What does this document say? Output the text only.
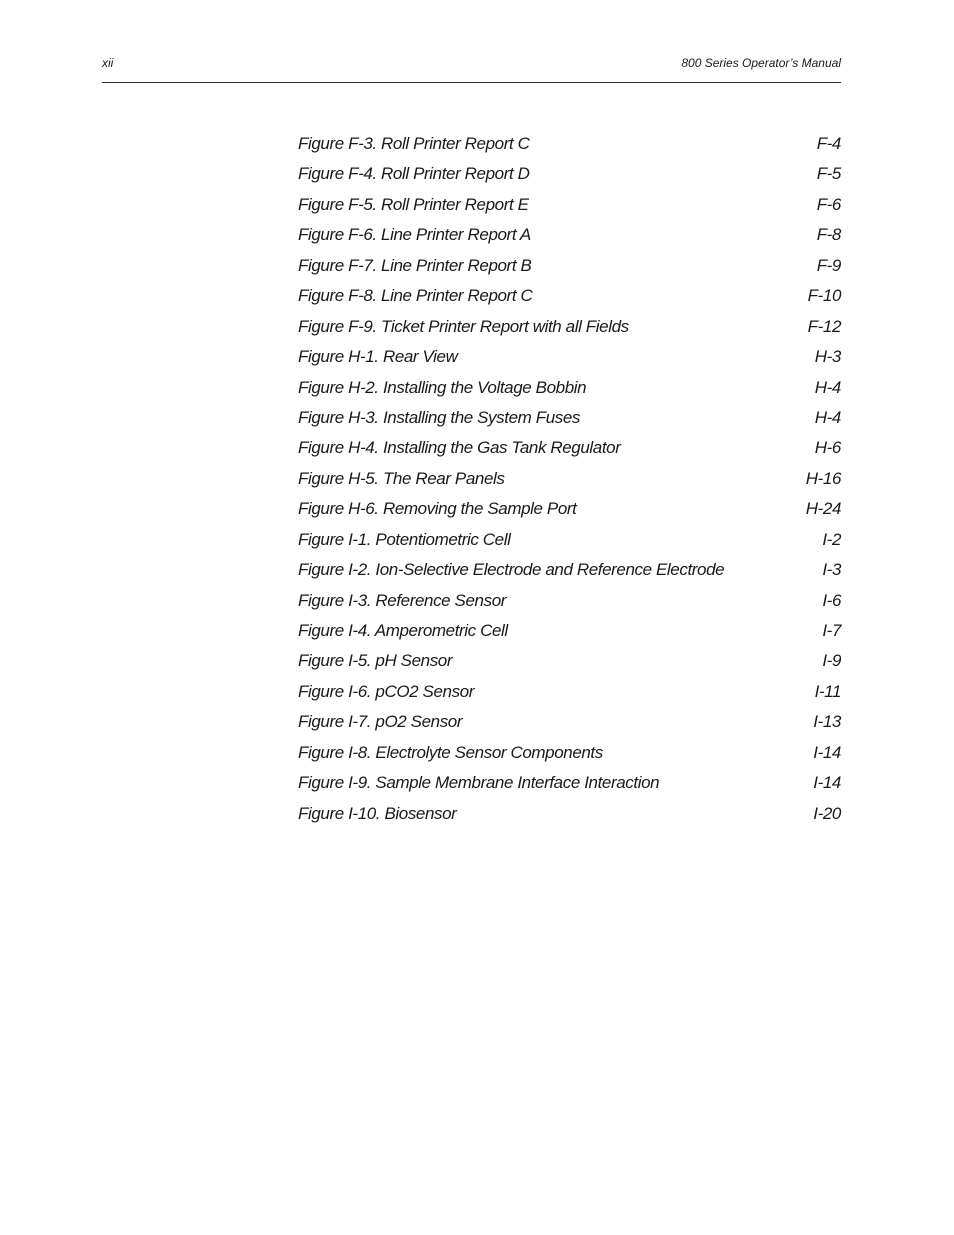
xii	800 Series Operator’s Manual
Figure F-3. Roll Printer Report C	F-4
Figure F-4. Roll Printer Report D	F-5
Figure F-5. Roll Printer Report E	F-6
Figure F-6. Line Printer Report A	F-8
Figure F-7. Line Printer Report B	F-9
Figure F-8. Line Printer Report C	F-10
Figure F-9. Ticket Printer Report with all Fields	F-12
Figure H-1. Rear View	H-3
Figure H-2. Installing the Voltage Bobbin	H-4
Figure H-3. Installing the System Fuses	H-4
Figure H-4. Installing the Gas Tank Regulator	H-6
Figure H-5. The Rear Panels	H-16
Figure H-6. Removing the Sample Port	H-24
Figure I-1. Potentiometric Cell	I-2
Figure I-2. Ion-Selective Electrode and Reference Electrode	I-3
Figure I-3. Reference Sensor	I-6
Figure I-4. Amperometric Cell	I-7
Figure I-5. pH Sensor	I-9
Figure I-6. pCO2 Sensor	I-11
Figure I-7. pO2 Sensor	I-13
Figure I-8. Electrolyte Sensor Components	I-14
Figure I-9. Sample Membrane Interface Interaction	I-14
Figure I-10. Biosensor	I-20
